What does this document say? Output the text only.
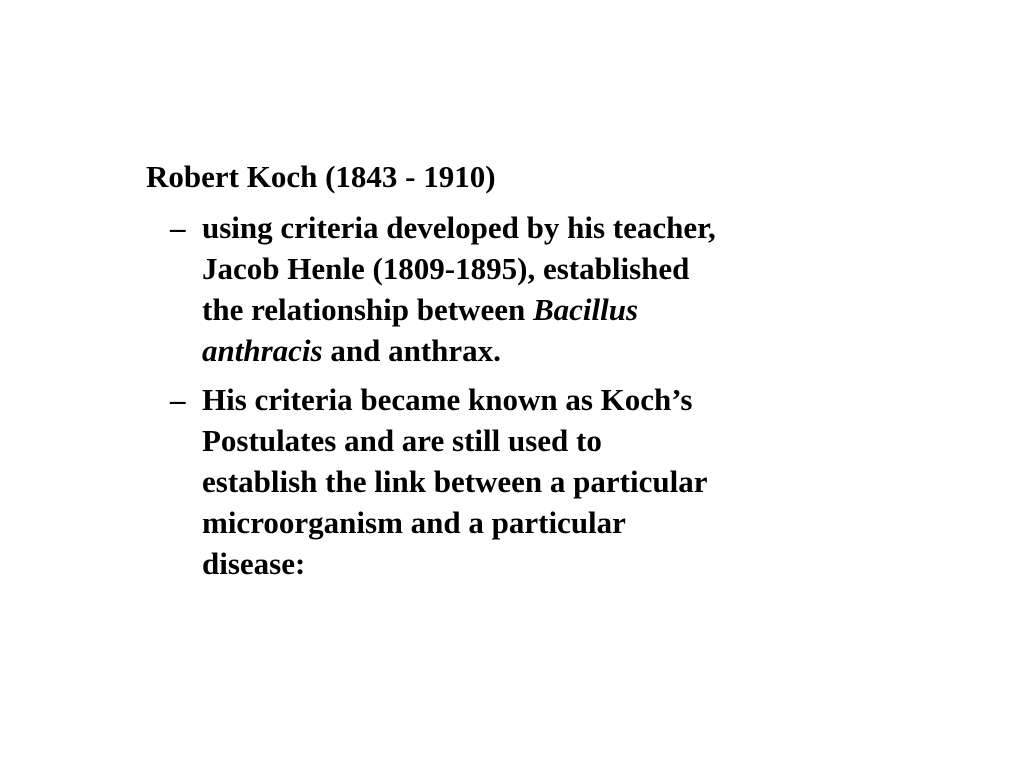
Robert Koch (1843 - 1910)
– using criteria developed by his teacher,
Jacob Henle (1809-1895), established
the relationship between Bacillus
anthracis and anthrax.
– His criteria became known as Koch’s
Postulates and are still used to
establish the link between a particular
microorganism and a particular
disease:
